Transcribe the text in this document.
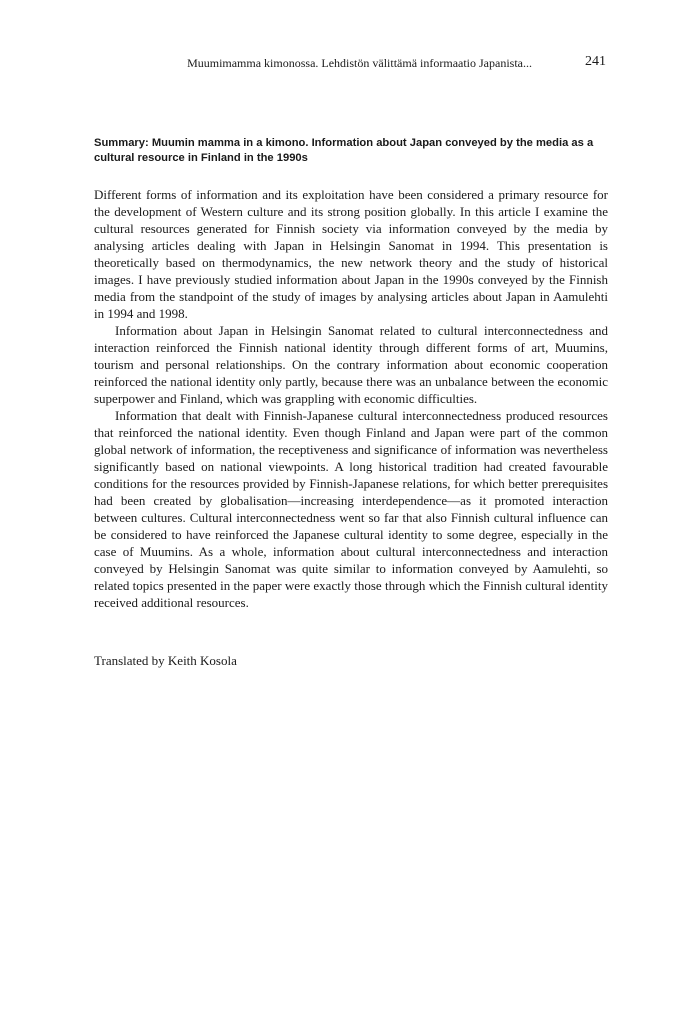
Muumimamma kimonossa. Lehdistön välittämä informaatio Japanista...	241
Summary: Muumin mamma in a kimono. Information about Japan conveyed by the media as a cultural resource in Finland in the 1990s

Different forms of information and its exploitation have been considered a primary resource for the development of Western culture and its strong position globally. In this article I examine the cultural resources generated for Finnish society via information conveyed by the media by analysing articles dealing with Japan in Helsingin Sanomat in 1994. This presentation is theoretically based on thermodynamics, the new network theory and the study of historical images. I have previously studied information about Japan in the 1990s conveyed by the Finnish media from the standpoint of the study of images by analysing articles about Japan in Aamulehti in 1994 and 1998.

Information about Japan in Helsingin Sanomat related to cultural interconnectedness and interaction reinforced the Finnish national identity through different forms of art, Muumins, tourism and personal relationships. On the contrary information about economic cooperation reinforced the national identity only partly, because there was an unbalance between the economic superpower and Finland, which was grappling with economic difficulties.

Information that dealt with Finnish-Japanese cultural interconnectedness produced resources that reinforced the national identity. Even though Finland and Japan were part of the common global network of information, the receptiveness and significance of information was nevertheless significantly based on national viewpoints. A long historical tradition had created favourable conditions for the resources provided by Finnish-Japanese relations, for which better prerequisites had been created by globalisation—increasing interdependence—as it promoted interaction between cultures. Cultural interconnectedness went so far that also Finnish cultural influence can be considered to have reinforced the Japanese cultural identity to some degree, especially in the case of Muumins. As a whole, information about cultural interconnectedness and interaction conveyed by Helsingin Sanomat was quite similar to information conveyed by Aamulehti, so related topics presented in the paper were exactly those through which the Finnish cultural identity received additional resources.

Translated by Keith Kosola
